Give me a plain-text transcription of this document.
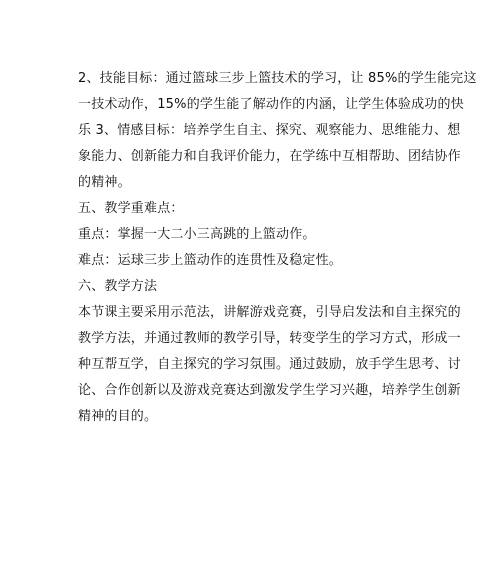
2、技能目标：通过篮球三步上篮技术的学习，让 85%的学生能完这
一技术动作，15%的学生能了解动作的内涵，让学生体验成功的快
乐 3、情感目标：培养学生自主、探究、观察能力、思维能力、想
象能力、创新能力和自我评价能力，在学练中互相帮助、团结协作
的精神。
五、教学重难点：
重点：掌握一大二小三高跳的上篮动作。
难点：运球三步上篮动作的连贯性及稳定性。
六、教学方法
本节课主要采用示范法，讲解游戏竞赛，引导启发法和自主探究的
教学方法，并通过教师的教学引导，转变学生的学习方式，形成一
种互帮互学，自主探究的学习氛围。通过鼓励，放手学生思考、讨
论、合作创新以及游戏竞赛达到激发学生学习兴趣，培养学生创新
精神的目的。
